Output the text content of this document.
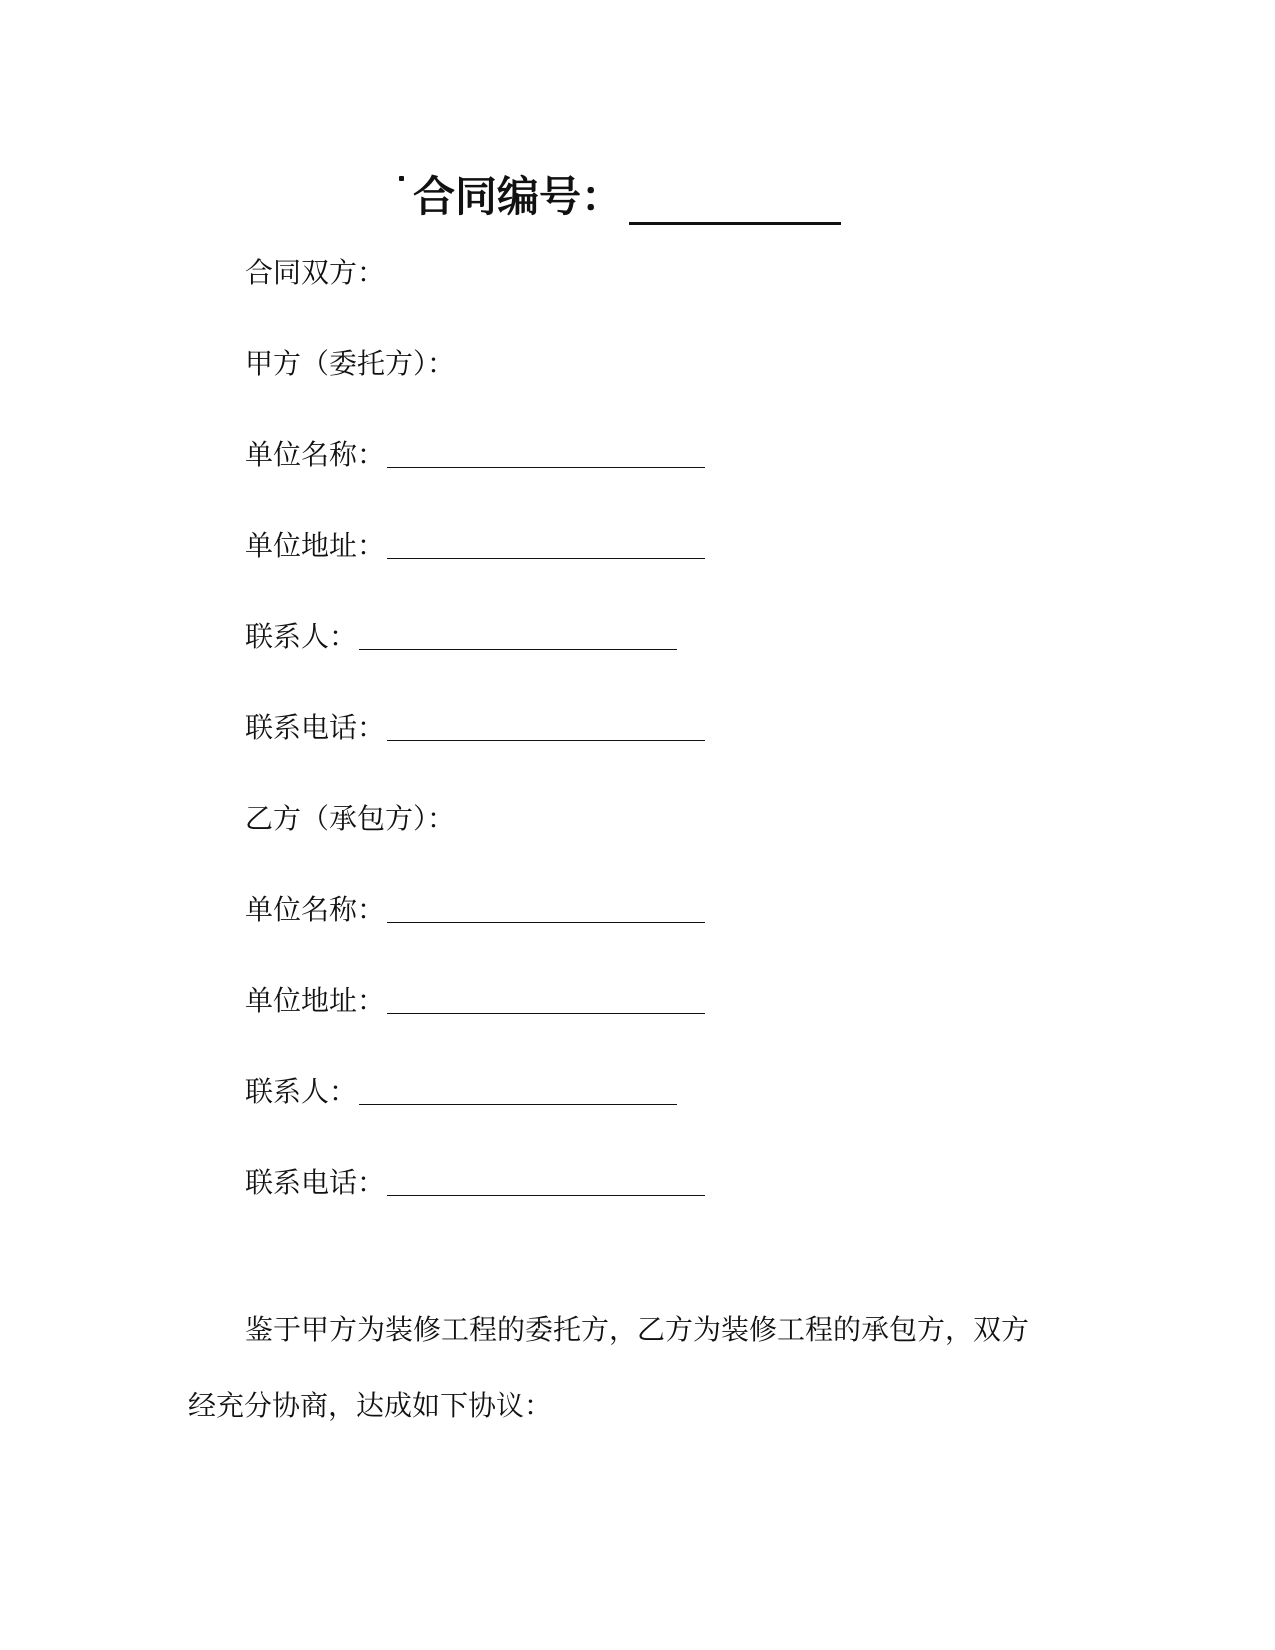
合同编号：
合同双方：
甲方（委托方）：
单位名称：
单位地址：
联系人：
联系电话：
乙方（承包方）：
单位名称：
单位地址：
联系人：
联系电话：
鉴于甲方为装修工程的委托方，乙方为装修工程的承包方，双方
经充分协商，达成如下协议：
